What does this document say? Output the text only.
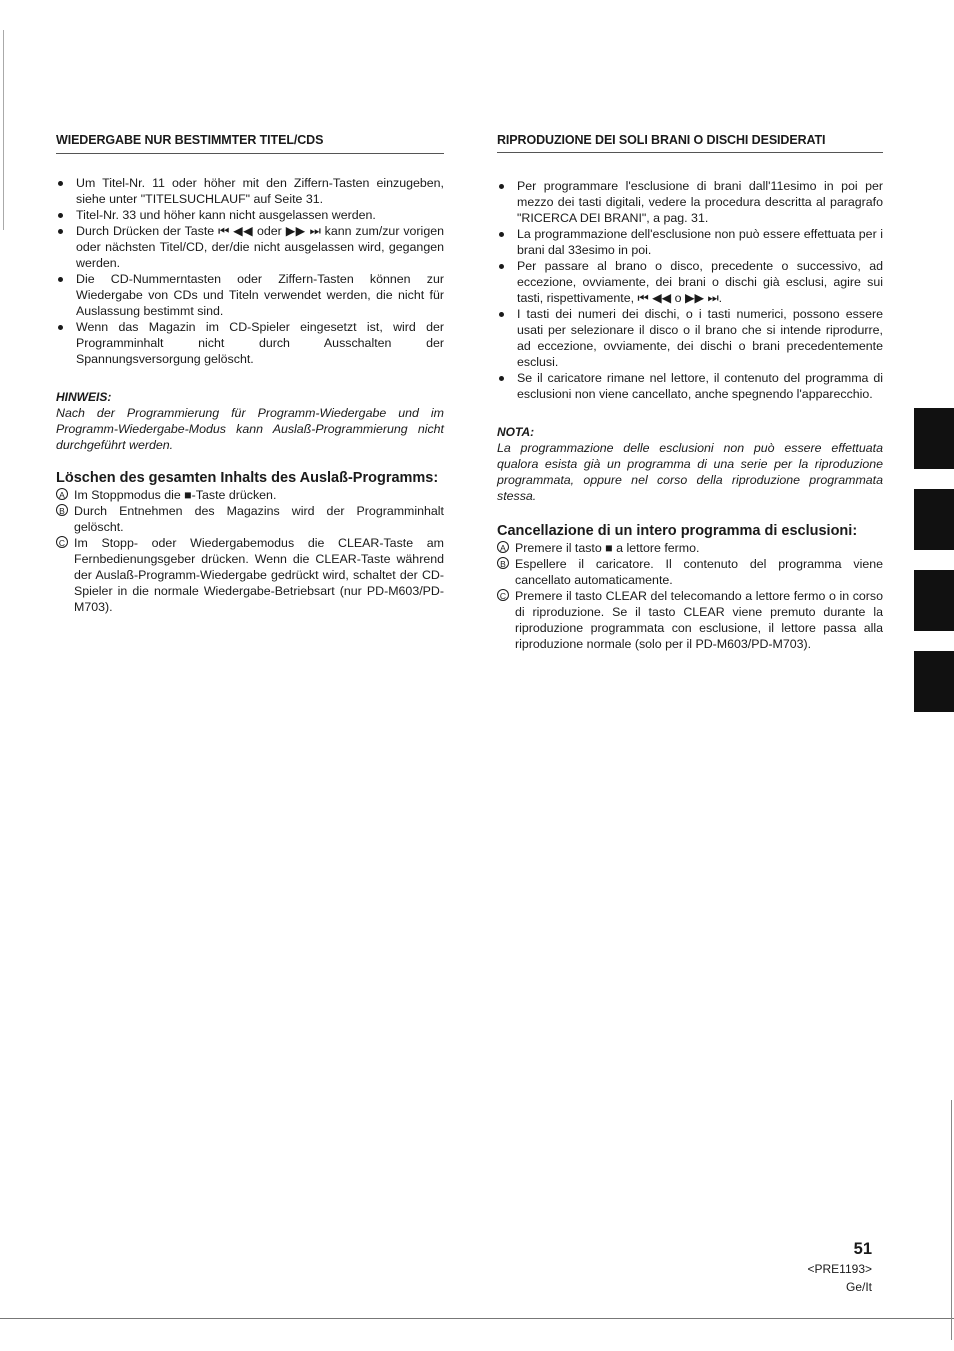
WIEDERGABE NUR BESTIMMTER TITEL/CDS
Um Titel-Nr. 11 oder höher mit den Ziffern-Tasten einzugeben, siehe unter "TITELSUCHLAUF" auf Seite 31.
Titel-Nr. 33 und höher kann nicht ausgelassen werden.
Durch Drücken der Taste ⏮ ◀◀ oder ▶▶ ⏭ kann zum/zur vorigen oder nächsten Titel/CD, der/die nicht ausgelassen wird, gegangen werden.
Die CD-Nummerntasten oder Ziffern-Tasten können zur Wiedergabe von CDs und Titeln verwendet werden, die nicht für Auslassung bestimmt sind.
Wenn das Magazin im CD-Spieler eingesetzt ist, wird der Programminhalt nicht durch Ausschalten der Spannungsversorgung gelöscht.

HINWEIS:

Nach der Programmierung für Programm-Wiedergabe und im Programm-Wiedergabe-Modus kann Auslaß-Programmierung nicht durchgeführt werden.

Löschen des gesamten Inhalts des Auslaß-Programms:
A Im Stoppmodus die ■-Taste drücken.
B Durch Entnehmen des Magazins wird der Programminhalt gelöscht.
C Im Stopp- oder Wiedergabemodus die CLEAR-Taste am Fernbedienungsgeber drücken. Wenn die CLEAR-Taste während der Auslaß-Programm-Wiedergabe gedrückt wird, schaltet der CD-Spieler in die normale Wiedergabe-Betriebsart (nur PD-M603/PD-M703).
RIPRODUZIONE DEI SOLI BRANI O DISCHI DESIDERATI
Per programmare l'esclusione di brani dall'11esimo in poi per mezzo dei tasti digitali, vedere la procedura descritta al paragrafo "RICERCA DEI BRANI", a pag. 31.
La programmazione dell'esclusione non può essere effettuata per i brani dal 33esimo in poi.
Per passare al brano o disco, precedente o successivo, ad eccezione, ovviamente, dei brani o dischi già esclusi, agire sui tasti, rispettivamente, ⏮ ◀◀ o ▶▶ ⏭.
I tasti dei numeri dei dischi, o i tasti numerici, possono essere usati per selezionare il disco o il brano che si intende riprodurre, ad eccezione, ovviamente, dei dischi o brani precedentemente esclusi.
Se il caricatore rimane nel lettore, il contenuto del programma di esclusioni non viene cancellato, anche spegnendo l'apparecchio.

NOTA:

La programmazione delle esclusioni non può essere effettuata qualora esista già un programma di una serie per la riproduzione programmata, oppure nel corso della riproduzione programmata stessa.

Cancellazione di un intero programma di esclusioni:
A Premere il tasto ■ a lettore fermo.
B Espellere il caricatore. Il contenuto del programma viene cancellato automaticamente.
C Premere il tasto CLEAR del telecomando a lettore fermo o in corso di riproduzione. Se il tasto CLEAR viene premuto durante la riproduzione programmata con esclusione, il lettore passa alla riproduzione normale (solo per il PD-M603/PD-M703).
51
<PRE1193>
Ge/It
